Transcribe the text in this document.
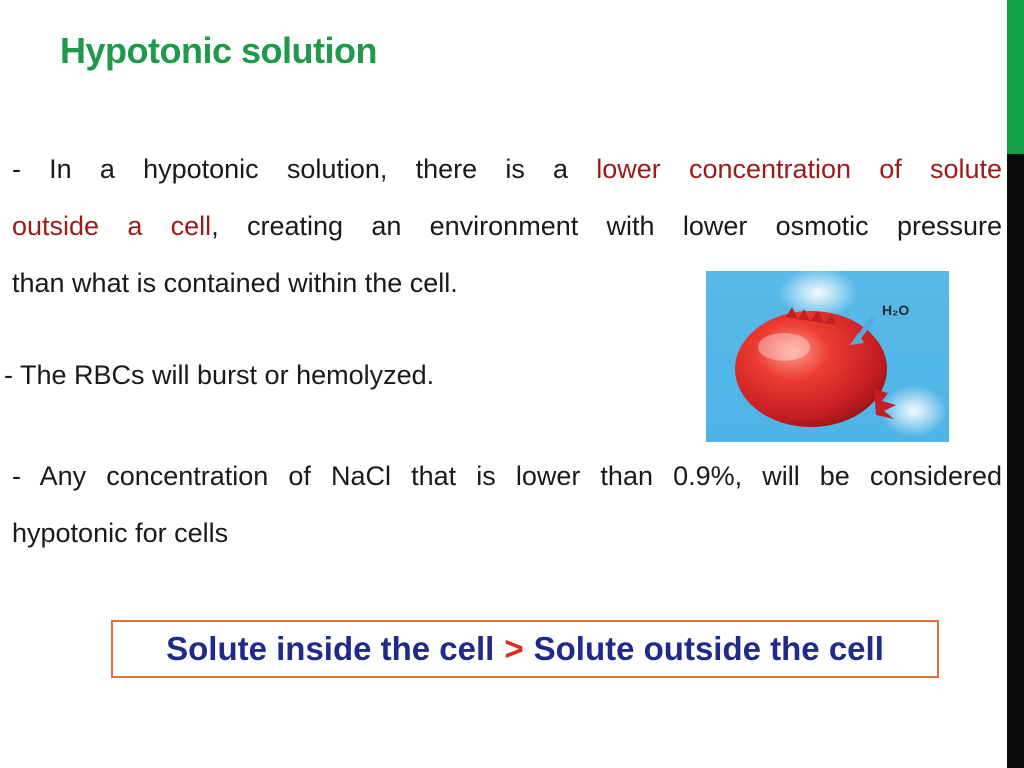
Hypotonic solution
- In a hypotonic solution, there is a lower concentration of solute
outside a cell, creating an environment with lower osmotic pressure
than what is contained within the cell.
- The RBCs will burst or hemolyzed.
H₂O
- Any concentration of NaCl that is lower than 0.9%, will be considered
hypotonic for cells
Solute inside the cell > Solute outside the cell
